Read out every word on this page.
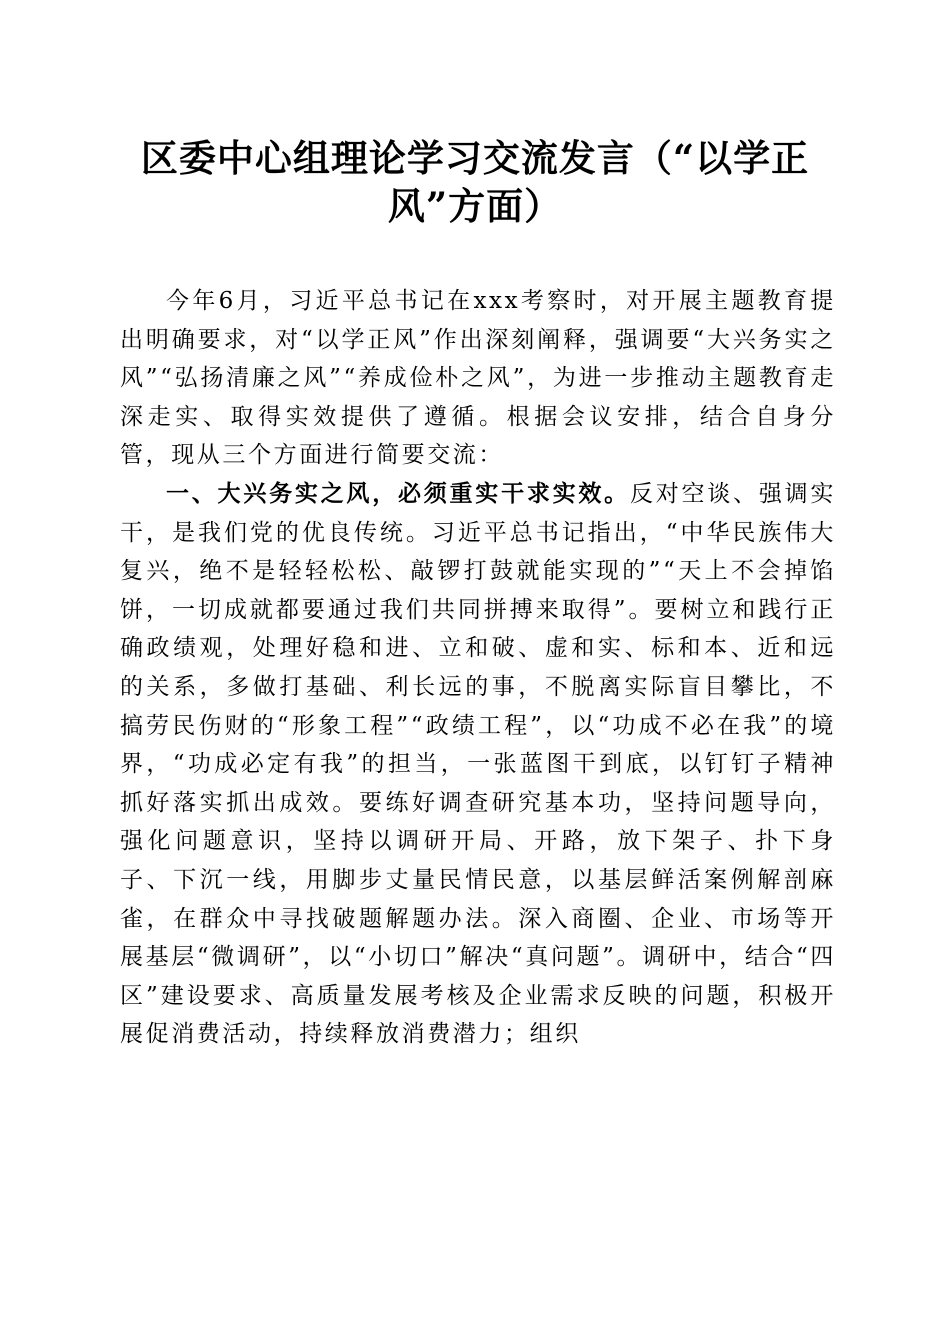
区委中心组理论学习交流发言（“以学正
风”方面）

今年6月，习近平总书记在xxx考察时，对开展主题教育提出明确要求，对“以学正风”作出深刻阐释，强调要“大兴务实之风”“弘扬清廉之风”“养成俭朴之风”，为进一步推动主题教育走深走实、取得实效提供了遵循。根据会议安排，结合自身分管，现从三个方面进行简要交流：

一、大兴务实之风，必须重实干求实效。反对空谈、强调实干，是我们党的优良传统。习近平总书记指出，“中华民族伟大复兴，绝不是轻轻松松、敲锣打鼓就能实现的”“天上不会掉馅饼，一切成就都要通过我们共同拼搏来取得”。要树立和践行正确政绩观，处理好稳和进、立和破、虚和实、标和本、近和远的关系，多做打基础、利长远的事，不脱离实际盲目攀比，不搞劳民伤财的“形象工程”“政绩工程”，以“功成不必在我”的境界，“功成必定有我”的担当，一张蓝图干到底，以钉钉子精神抓好落实抓出成效。要练好调查研究基本功，坚持问题导向，强化问题意识，坚持以调研开局、开路，放下架子、扑下身子、下沉一线，用脚步丈量民情民意，以基层鲜活案例解剖麻雀，在群众中寻找破题解题办法。深入商圈、企业、市场等开展基层“微调研”，以“小切口”解决“真问题”。调研中，结合“四区”建设要求、高质量发展考核及企业需求反映的问题，积极开展促消费活动，持续释放消费潜力；组织
